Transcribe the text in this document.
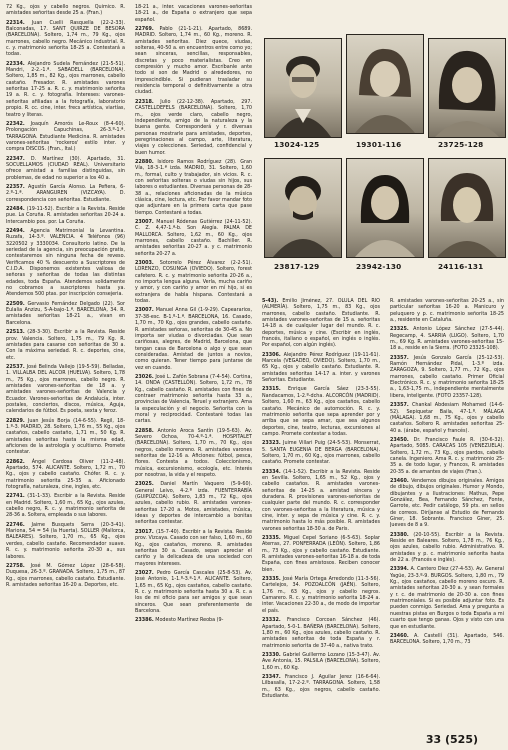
72 Kg., ojos y cabello negros. Quimico. R. amistades señoritas desde 25 a. (Fran.)

22314. Juan Cuelli Rasquella (22-2-33). Balconadas, 17. SANT QUIRZE DE BESORA (BARCELONA). Soltero, 1,74 m., 79 Kg., ojos marrones, cabello negro. Mecánico industrial. R. c. y. matrimonio señorita 18-25 a. Contestará a todas.

22334. Alejandro Sudela Fernández (21-5-51). Mandri, 2-2.-1.ª. SABADELL (BARCELONA). Soltero, 1,85 m., 82 Kg., ojos marrones, cabello castaño. Fresador. R. amistades varones señoritas 17-25 a. R. c. y. matrimonio señorita 19 a. R. c. y. fotografía. Intereses: varones-señoritas afiliadas a la fotografía, laboratorio propio. R. cc. cine, inter. frecs artística, viartías, teatro y literas.

22342. Joaquín Amorós Le-Roux (8-4-60). Prolongación Capuchinas, 26-3.º-1.ª. TARRAGONA. Estudiante Medicina. R. amistades varones-señoritas 'rockeros' estilo inter. y compra DISCOS. (Fran., Ital.)

22347. D. Martínez (30). Apartado, 31. SOCUELLAMOS (CIUDAD REAL). Universitario ofrece amistad a familias distinguidas, sin problemas, de edad no superior a los 40 a.

22357. Agustín García Alonso. La Pefiera, 6-2.º-1.ª. ARANGUREN (VIZCAYA). D. correspondencia con señoritas. Estudiante.

22484. (19-11-52). Escribir a la Revista. Reside pue. La Coruña. R. amistades señoritas 20-24 a. Intercambio pos. por. La Coruña.

22494. Agencia Matrimonial la Levantina. Ruzafa, 14-3.º. VALENCIA. 4 Teléfonos (96) 3220502 y 3330034. Consultorio latino. De la seriedad de la agencia, sin preocupación gratis, contestaremos sin ninguna fecha de reveso. Verificamos 40 % descuento a Suscriptores de C.I.D.A. Disponemos existentes valiosa de señoras y señoritas de todas las distintas edades, toda España. Atendemos solidamente no cobramos a suscriptores hasta ya. Atendemos 500 ptas. por inscripción consejeria.

22509. Gervasio Fernández Delgado (22). Sor Eulalia Anzizu, 5-A-bajo-1.ª. BARCELONA, 34. R. amistades señoritas 18-21 a., vivan en Barcelona.

22513. (28-3-30). Escribir a la Revista. Reside prov. Valencia. Soltero, 1,75 m., 79 Kg. R. amistades para casarse con señoritas de 30 a. Con la máxima seriedad. R. c. deportes, cine, etc.

22537. José Belinda Vallejo (19-5-59). Belladas, 1. VILLALBA DEL ALCOR (HUELVA). Soltero, 1,78 m., 75 Kg., ojos marrones, cabello negro. R. amistades varones-señoritas de 18 a. y amistades varones-señoritas de Valencia y Ecuador. Varones-señoritas de Andalucía, inter. postales, conciertos, discos, música, Aguja, calendarios de fútbol. Es poeta, sexta y feroz.

22829. Juan Jesús Borja (14-6-55). Regil, 18-1.º-3. MADRID, 28. Soltero, 1,76 m., 55 Kg., ojos castaños, cabello castaño, 1,71 m., 50 Kg. R. amistades señoritas hasta la misma edad, aficiones de la astrología y ocultismo. Promete contestar.

22862. Ángel Cardosa Oliver (11-2-48). Apartado, 574. ALICANTE. Soltero, 1,72 m., 70 Kg., ojos y cabello castaño. Chófer. R. c. y. matrimonio señorita 25-35 a. Aficionado fotografía, naturaleza, cine, ingles, etc.

22741. (31-1-33). Escribir a la Revista. Reside en Madrid. Soltero, 1,60 m., 65 Kg., ojos azules, cabello negro, R. c. y. matrimonio señorita de 28-36 a. Soltera, empleada o sus labores.

22746. Jaime Busquets Serra (20-3-41). Mariona, 54 = 54 (la Huerta). SOLLER (Mallorca, BALEARES). Soltero, 1,70 m., 65 Kg., ojos verdes, cabello castaño. Recomendador suave. R. c. y. matrimonio señorita 20-30 a., sus labores.

22758. José M. Gómez López (28-6-58). Duquesa, 26-3.º. GRANADA. Soltero, 1,75 m., 87 Kg., ojos marrones, cabello castaño. Estudiante. R. amistades señoritas 16-20 a. Deportes, etc.

18-21 a., inter. vacaciones varones-señoritas 18-21 a., de España o extranjero que sepa español.

22769. Pablo (21-1-21). Apartado, 8689. MADRID. Soltero, 1,74 m., 60 Kg., moreno. R. amistades señoritas. Diez quece, viudas, solteras, 40-50 a. en encuentros entre como yo; sean sinceras, sencillas, responsables, discretas y poco materialistas. Creo en compresión y mucho amor. Escríbanle ante todo si son de Madrid o alrededores, no imprescindible. Si pudieran trasladar su residencia temporal o definitivamente a otra ciudad.

22318. Julio (22-12-38). Apartado, 297. CASTELLDEFELS (BARCELONA). Soltero, 1,70 m., ojos verde claro, cabello negro, independiente, amigo de la naturaleza y la buena gente. Corresponderá y r. diversas personas mostrarle para amistades, deportes, peregrinaciones al campo, arte, literatura, viajes y colecciones. Seriedad, confidencial y buen humor.

22880. Isidoro Ramos Rodríguez (28). Gran Vía, 18-3-1.ª izda. MADRID, 31. Soltero, 1,60 m., formal, culto y trabajador, sin vicios. R. c. con señoritas solteras o viudas sin hijos, sus labores o estudiantes. Diversas personas de 28-38 a., relaciones aficionadas de la música clásica, cine, lectura, etc. Por favor mandar foto que adjuntare en la primera carta que pase tiempo. Contestaré a todas.

23007. Manuel Ródenas Gutiérrez (24-11-52). C. Z. 4,47-1.ª-b. Son Alegía. PALMA DE MALLORCA. Soltero, 1,62 m., 60 Kg., ojos marrones, cabello castaño. Bachiller. R. amistades señoritas 20-27 a. y c. matrimonio señorita 20-27 a.

23003. Sotorrelo Pérez Álvarez (2-2-51). LORENZO, COSUNGA (OVIEDO). Soltero, forest cafetero. R. c. y. matrimonio señorita 20-26 a., no importa lengua alguna. Verla, mucha cariño y amor, y con cariño y amor en mí hijo, si es extranjera de habla hispana. Contestará a todas.

23007. Manuel Anna Gil (1-9-29). Capeararios, 37-38-esc. B-1.º-1.ª. BARCELONA, 16. Casado, 1,70 m., 70 Kg., ojos grandes, cabello castaño. R. amistades señoras, señoritas de 30-45 a. No importa ser viudas o divorciadas. Que sean cariñosas, alegres, de Madrid, Barcelona, que tengan casa de Barcelona o algo y que sean consideradas. Amistad de juntos a novios, como quieran. Tener tiempo para juntarse de vez en cuando.

23026. José L. Zafón Sobrana (7-4-54). Cortina, 14. ONDA (CASTELLÓN). Soltero, 1,72 m., 78 Kg., cabello castaño. R. amistades con fines de contraer matrimonio señorita hasta 33 a., provincias de Valencia, Teruel y extranjero. Ama la especulación y el negocio. Señorita con la moral y reciprocidad. Contestaré todas las cartas.

22858. Antonio Aroca Santín (19-5-63). Av. Severo Ochoa, 70-4.º-1.ª. HOSPITALET (BARCELONA). Soltero, 1,70 m., 70 Kg., ojos negros, cabello moreno. R. amistades varones señoritas de 12-16 a. Aficiones: fútbol, pesca, flores. Contesta a todos. Coleccionismo, música, excursionismo, ecología, etc. Interés por nosotras, la vida y el respeto.

23025. Daniel Martín Vaquero (5-9-60). General Leivo, 4-2.º izda. FUENTERRABÍA (GUIPÚZCOA). Soltero, 1,83 m., 72 Kg., ojos azules, cabello rubio. R. amistades varones-señoritas 17-20 a. Motos, amistades, música, ideas y deportes de intercambio a bonitas señoritas contestar.

23017. (15-7-40). Escribir a la Revista. Reside prov. Vizcaya. Casado con ser falso, 1,60 m., 60 Kg., ojos castaños, moreno. R. amistades señoritas 30 a. Casado, sepan apreciar el cariño y la delicadeza de una sociedad con mayores intereses.

23027. Pedro García Cascales (25-8-53). Av. José Antonio, 1-1.º-3.ª-1.ª. ALICANTE. Soltero, 1,65 m., 65 Kg., ojos castaños, cabello castaño. R. c. y. matrimonio señorita hasta 30 a. R. c. a los de mi oficio para ser amigos y que sean sinceros. Que sean preferentemente de Barcelona.

23386. Modesto Martínez Reoba (9-

13024-125	19301-116	23725-128
23817-129	23942-130	24116-131

5-43). Emilio Jiménez, 27. OLULA DEL RÍO (ALMERÍA). Soltero, 1,75 m., 83 Kg., ojos marrones, cabello castaño. Estudiante. R. amistades varones-señoritas de 15 a. señoritas 14-18 a. de cualquier lugar del mundo. R. c. deportes, música y cine. (Escribir en inglés, francés, italiano o español, en inglés o inglés. Por español, con algún inglés).

23306. Alejandro Pérez Rodríguez (19-11-61). Marcela (VEGADEO, OVIEDO). Soltero, 1,70 m., 65 Kg., ojos y cabello castaño. Estudiante. R. amistades señoritas 14-17 a. inter. y varones Señoritas. Estudiante.

23315. Enrique García Sáez (23-3-55). Nandacamos, 1-2.º-dcha. ALCORCÓN (MADRID). Soltero, 1,60 m., 63 Kg., ojos castaños, cabello castaño. Mecánico de automoción. R. c. y. matrimonio señorita que sepa aprender por y arriba que se sepa amar, que sea algunos deportes, cine, teatro, lecturas, excursiones al campo. Promete contestar a todas.

23323. Juime Villari Puig (24-5-53). Monserrat, 5. SANTA EUGENIA DE BERGA (BARCELONA). Soltero, 1,70 m., 60 Kg., ojos marrones, cabello castaño. Promete contestar.

23334. (14-1-52). Escribir a la Revista. Reside en Sevilla. Soltero, 1,65 m., 52 Kg., ojos y cabello castaños. R. amistades varones-señoritas de 14-25 a. amistad sincera y duradera. R. provisiones varones-señoritas de cualquier parte del mundo. R. c. corresponder con varones-señoritas a la literatura, música y cine, inter. y sepa de música y cine. R. c. y. matrimonio hasta lo más posible. R. amistades varones señoritas 18-30 a. de Paris.

23335. Miguel Cepel Soriano (6-5-63). Soplar Aterras, 27. PONFERRADA (LEÓN). Soltero, 1,86 m., 73 Kg., ojos y cabello castaño. Estudiante. R. amistades varones-señoritas 16-18 a. de toda España, con fines amistosos. Reciben conocer bien.

23335. José María Ortega Arredondo (11-3-56). Cartelejos, 34. POZOALCÓN (JAÉN). Soltero, 1,76 m., 63 Kg., ojos y cabello negros. Camarero. R. c. y. matrimonio señorita 18-24 a. inter. Vacaciones 22-30 a., de modo de importar el país.

23332. Francisco Corcoan Sánchez (46). Apartado, 5-0-1. BAÑERA (BARCELONA). Soltero, 1,80 m., 60 Kg., ojos azules, cabello castaño. R. amistades señoritas de toda España y r. matrimonio señorita de 37-40 a., nativa trato.

23330. Gabriel Guillermo Lozano (15-3-47). Av. Ave Antonia, 15. PALSILA (BARCELONA). Soltero, 1,60 m., 60 Kg.

23347. Francisco J. Aguilar Jerez (16-6-64). Lilbasalla, 17-2-2.º. TARRAGONA. Soltero, 1,58 m., 63 Kg., ojos negros, cabello castaño. Estudiante.

R. amistades varones-señoritas 20-25 a., sin particular señoritas 16-20 a. Manicuro y peluquero y p. c. matrimonio señorita 18-25 a., residente en Cataluña.

23325. Antonio López Sánchez (27-5-44). Regecamp, 4. SARRIA (LUGO). Soltero, 1,70 m., 69 Kg. R. amistades varones-señoritas 15-18 a., reside en la Sierra. (FOTO 23325-108).

23357. Jesús Gonzalo García (25-12-53). Ramón Hernández Pidal, 1-3.º izda. ZARAGOZA, 9. Soltero, 1,77 m., 72 Kg., ojos marrones, cabello castaño. Primer Oficial Electrónico. R. c. y. matrimonio señorita 18-25 a., 1,63-1,75 m., independiente mentalmente libera, inteligente. (FOTO 23357-128).

23357. Chankal Abdesiam Mohamed (14-6-52). Sepiquetar Baila, 47-1.º. MÁLAGA (MÁLAGA). 1,68 m., 75 Kg., ojos y cabello castaños. Soltero R. amistades señoritas 25-40 a. (árabe, español y francés).

23450. Dr. Francisco Faule R. (30-6-32). Apartado, 5085. CARACAS 105 (VENEZUELA). Soltero, 1,72 m., 73 Kg., ojos pardos, cabello canela. Ingeniero. Ama R. c. y. matrimonio 25-35 a. de todo lugar, y Francos, R. amistades 20-35 a. de amantes de viajes (Fran.).

23460. Vendemos dibujos originales. Amigos de dibujo, dibujos originales. Humor y Mondo, dibujantes y a Ilustraciones: Mathus, Pepe González, Bea, Fernando Sánchez, Fonte, Garrote, etc. Pedir catálogo, 59 pts. en sellos de correos. Diríjanse al Estudio de Fernando Giner, 18. Sobrante. Francisco Giner, 25. Jueves de 8 a 9.

23380. (20-10-55). Escribir a la Revista. Reside en Baleares. Soltero, 1,78 m., 76 Kg., ojos azules, cabello rubio. Administrativo. R. amistades y p. c. matrimonio señorita hasta de 22 a. (Francés e inglés).

23394. A. Cantero Diez (27-4-53). Av. General Yagüe, 23-3.º-9. BURGOS. Soltero, 1,80 m., 79 Kg., ojos castaños, cabello moreno oscuro. R. amistades señoritas 20-30 a. y sean formales y r. c. de matrimonio de 20-30 a. con fines matrimoniales. Si es posible adjuntar foto. Es pueden conmigo. Seriedad. Ama y pregunta a nuestras pistas en Burgos o toda España a mi cuarto que tengo ganas. Ojos y visto con una que en estudiante.

23460. A. Castellí (31). Apartado, 546. BARCELONA. Soltero, 1,70 m., 73

33 (525)
